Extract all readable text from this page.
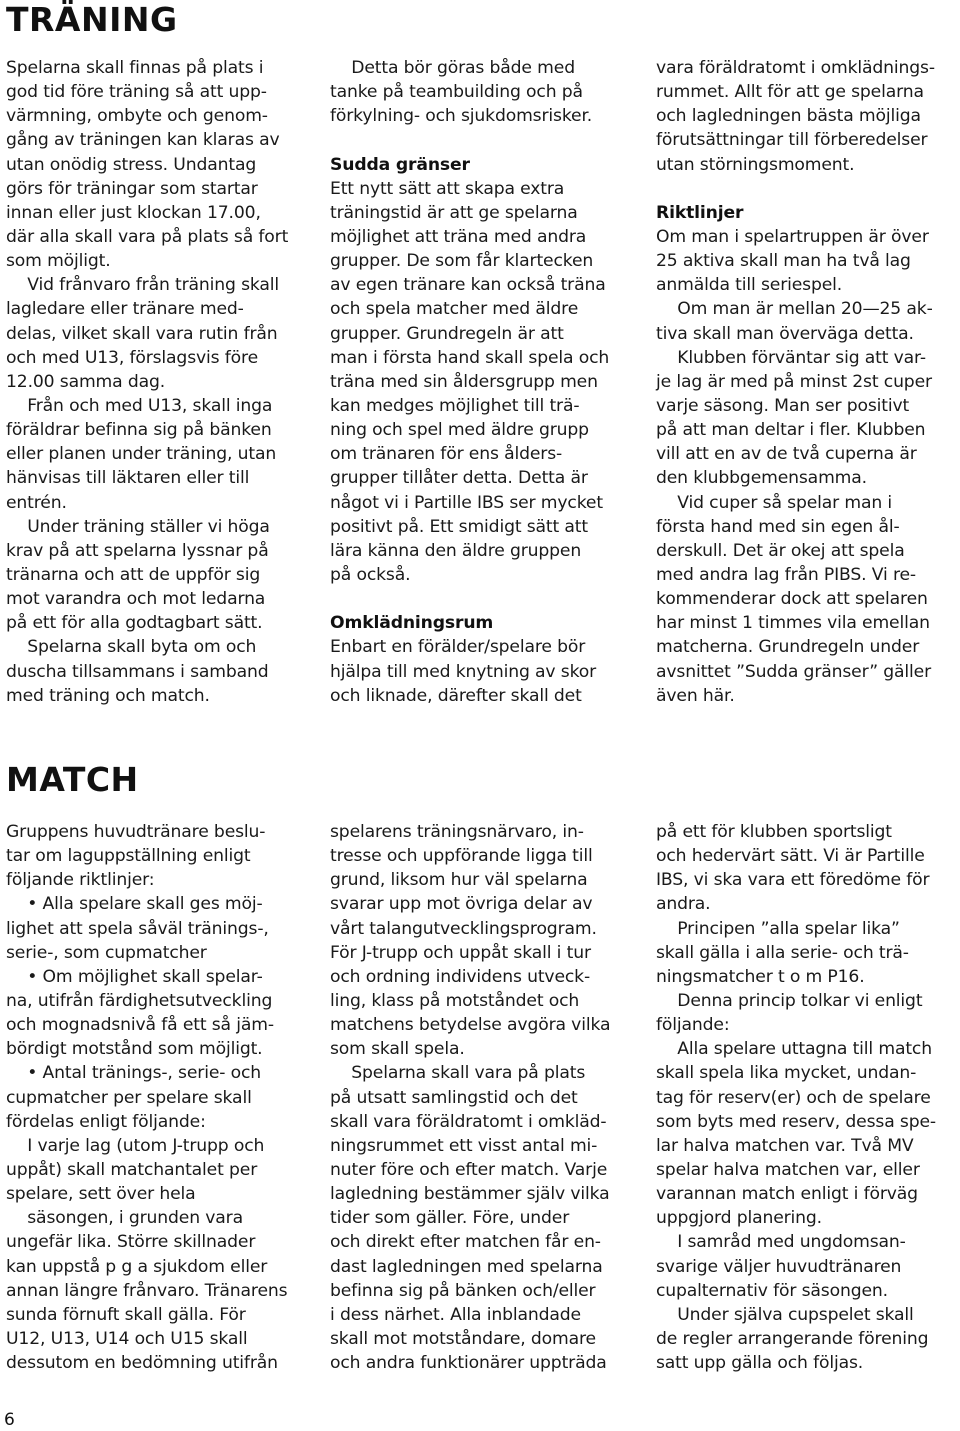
TRÄNING
Spelarna skall finnas på plats i
god tid före träning så att upp-
värmning, ombyte och genom-
gång av träningen kan klaras av
utan onödig stress. Undantag
görs för träningar som startar
innan eller just klockan 17.00,
där alla skall vara på plats så fort
som möjligt.
Vid frånvaro från träning skall
lagledare eller tränare med-
delas, vilket skall vara rutin från
och med U13, förslagsvis före
12.00 samma dag.
Från och med U13, skall inga
föräldrar befinna sig på bänken
eller planen under träning, utan
hänvisas till läktaren eller till
entrén.
Under träning ställer vi höga
krav på att spelarna lyssnar på
tränarna och att de uppför sig
mot varandra och mot ledarna
på ett för alla godtagbart sätt.
Spelarna skall byta om och
duscha tillsammans i samband
med träning och match.
Detta bör göras både med
tanke på teambuilding och på
förkylning- och sjukdomsrisker.
Sudda gränser
Ett nytt sätt att skapa extra
träningstid är att ge spelarna
möjlighet att träna med andra
grupper. De som får klartecken
av egen tränare kan också träna
och spela matcher med äldre
grupper. Grundregeln är att
man i första hand skall spela och
träna med sin åldersgrupp men
kan medges möjlighet till trä-
ning och spel med äldre grupp
om tränaren för ens ålders-
grupper tillåter detta. Detta är
något vi i Partille IBS ser mycket
positivt på. Ett smidigt sätt att
lära känna den äldre gruppen
på också.
Omklädningsrum
Enbart en förälder/spelare bör
hjälpa till med knytning av skor
och liknade, därefter skall det
vara föräldratomt i omklädnings-
rummet. Allt för att ge spelarna
och lagledningen bästa möjliga
förutsättningar till förberedelser
utan störningsmoment.
Riktlinjer
Om man i spelartruppen är över
25 aktiva skall man ha två lag
anmälda till seriespel.
Om man är mellan 20—25 ak-
tiva skall man överväga detta.
Klubben förväntar sig att var-
je lag är med på minst 2st cuper
varje säsong. Man ser positivt
på att man deltar i fler. Klubben
vill att en av de två cuperna är
den klubbgemensamma.
Vid cuper så spelar man i
första hand med sin egen ål-
derskull. Det är okej att spela
med andra lag från PIBS. Vi re-
kommenderar dock att spelaren
har minst 1 timmes vila emellan
matcherna. Grundregeln under
avsnittet ”Sudda gränser” gäller
även här.
MATCH
Gruppens huvudtränare beslu-
tar om laguppställning enligt
följande riktlinjer:
• Alla spelare skall ges möj-
lighet att spela såväl tränings-,
serie-, som cupmatcher
• Om möjlighet skall spelar-
na, utifrån färdighetsutveckling
och mognadsnivå få ett så jäm-
bördigt motstånd som möjligt.
• Antal tränings-, serie- och
cupmatcher per spelare skall
fördelas enligt följande:
I varje lag (utom J-trupp och
uppåt) skall matchantalet per
spelare, sett över hela
säsongen, i grunden vara
ungefär lika. Större skillnader
kan uppstå p g a sjukdom eller
annan längre frånvaro. Tränarens
sunda förnuft skall gälla. För
U12, U13, U14 och U15 skall
dessutom en bedömning utifrån
spelarens träningsnärvaro, in-
tresse och uppförande ligga till
grund, liksom hur väl spelarna
svarar upp mot övriga delar av
vårt talangutvecklingsprogram.
För J-trupp och uppåt skall i tur
och ordning individens utveck-
ling, klass på motståndet och
matchens betydelse avgöra vilka
som skall spela.
Spelarna skall vara på plats
på utsatt samlingstid och det
skall vara föräldratomt i omkläd-
ningsrummet ett visst antal mi-
nuter före och efter match. Varje
lagledning bestämmer själv vilka
tider som gäller. Före, under
och direkt efter matchen får en-
dast lagledningen med spelarna
befinna sig på bänken och/eller
i dess närhet. Alla inblandade
skall mot motståndare, domare
och andra funktionärer uppträda
på ett för klubben sportsligt
och hedervärt sätt. Vi är Partille
IBS, vi ska vara ett föredöme för
andra.
Principen ”alla spelar lika”
skall gälla i alla serie- och trä-
ningsmatcher t o m P16.
Denna princip tolkar vi enligt
följande:
Alla spelare uttagna till match
skall spela lika mycket, undan-
tag för reserv(er) och de spelare
som byts med reserv, dessa spe-
lar halva matchen var. Två MV
spelar halva matchen var, eller
varannan match enligt i förväg
uppgjord planering.
I samråd med ungdomsan-
svarige väljer huvudtränaren
cupalternativ för säsongen.
Under själva cupspelet skall
de regler arrangerande förening
satt upp gälla och följas.

6
